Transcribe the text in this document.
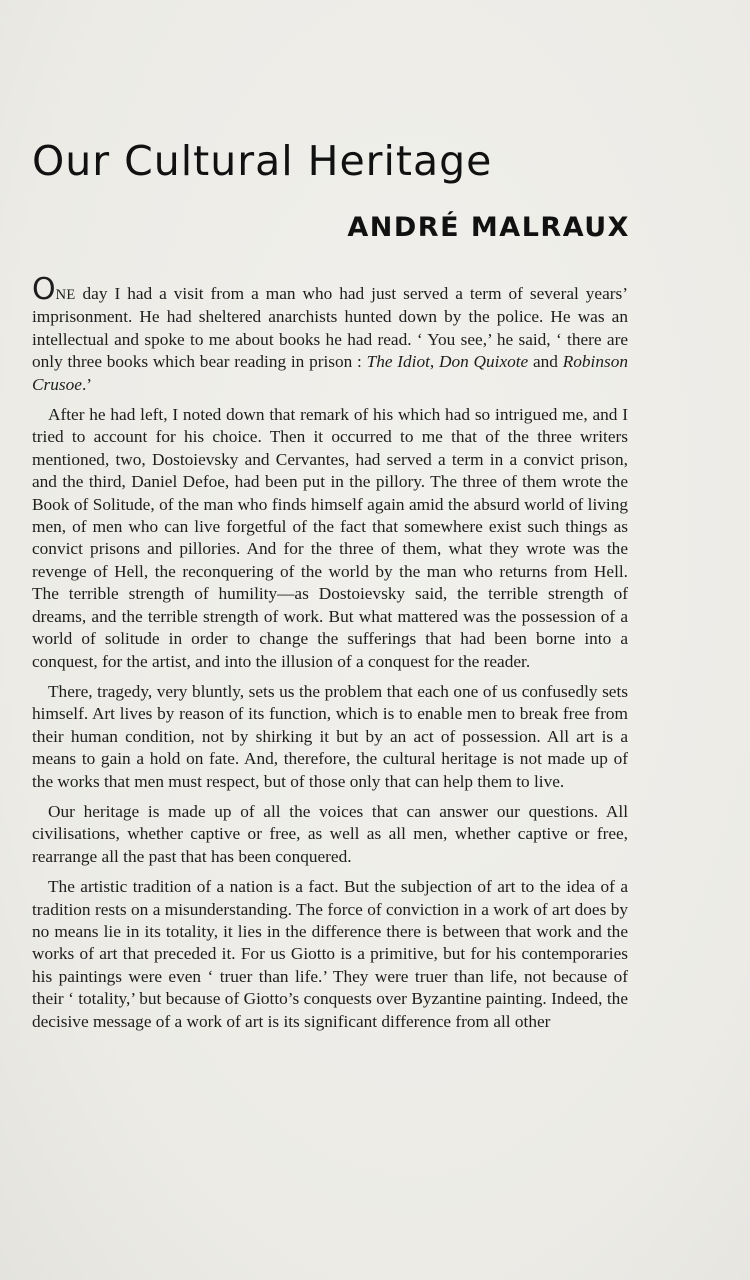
Our Cultural Heritage
ANDRÉ MALRAUX

ONE day I had a visit from a man who had just served a term of several years’ imprisonment. He had sheltered anarchists hunted down by the police. He was an intellectual and spoke to me about books he had read. ‘ You see,’ he said, ‘ there are only three books which bear reading in prison : The Idiot, Don Quixote and Robinson Crusoe.’

After he had left, I noted down that remark of his which had so intrigued me, and I tried to account for his choice. Then it occurred to me that of the three writers mentioned, two, Dostoievsky and Cervantes, had served a term in a convict prison, and the third, Daniel Defoe, had been put in the pillory. The three of them wrote the Book of Solitude, of the man who finds himself again amid the absurd world of living men, of men who can live forgetful of the fact that somewhere exist such things as convict prisons and pillories. And for the three of them, what they wrote was the revenge of Hell, the reconquering of the world by the man who returns from Hell. The terrible strength of humility—as Dostoievsky said, the terrible strength of dreams, and the terrible strength of work. But what mattered was the possession of a world of solitude in order to change the sufferings that had been borne into a conquest, for the artist, and into the illusion of a conquest for the reader.

There, tragedy, very bluntly, sets us the problem that each one of us confusedly sets himself. Art lives by reason of its function, which is to enable men to break free from their human condition, not by shirking it but by an act of possession. All art is a means to gain a hold on fate. And, therefore, the cultural heritage is not made up of the works that men must respect, but of those only that can help them to live.

Our heritage is made up of all the voices that can answer our questions. All civilisations, whether captive or free, as well as all men, whether captive or free, rearrange all the past that has been conquered.

The artistic tradition of a nation is a fact. But the subjection of art to the idea of a tradition rests on a misunderstanding. The force of conviction in a work of art does by no means lie in its totality, it lies in the difference there is between that work and the works of art that preceded it. For us Giotto is a primitive, but for his contemporaries his paintings were even ‘ truer than life.’ They were truer than life, not because of their ‘ totality,’ but because of Giotto’s conquests over Byzantine painting. Indeed, the decisive message of a work of art is its significant difference from all other
